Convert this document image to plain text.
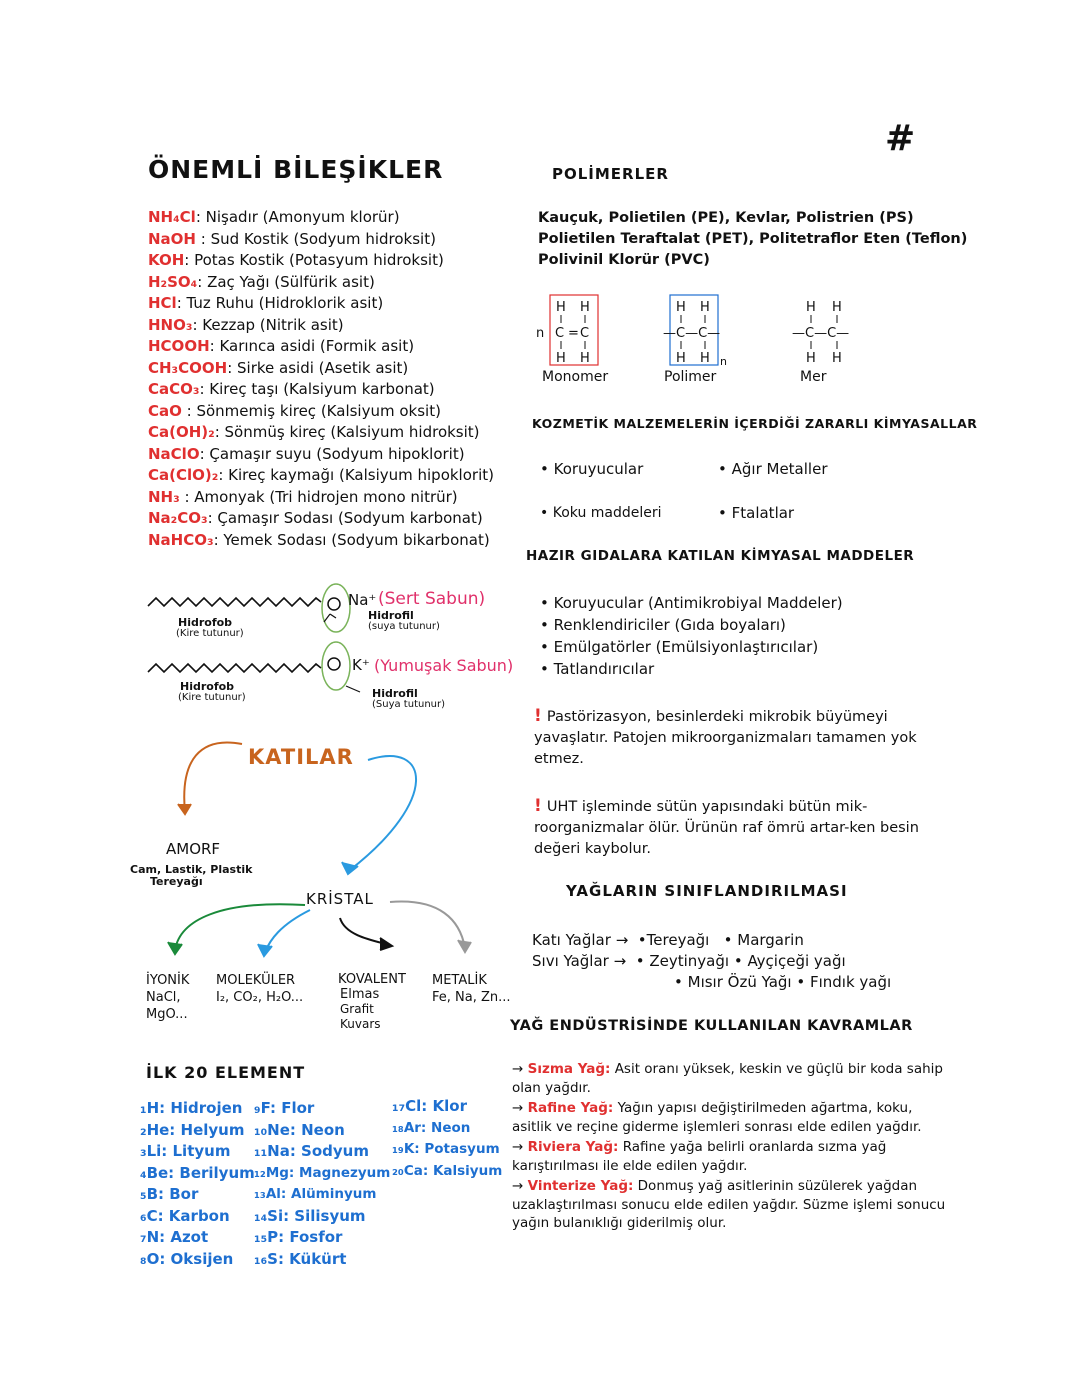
#
ÖNEMLİ BİLEŞİKLER
NH₄Cl: Nişadır (Amonyum klorür)
NaOH : Sud Kostik (Sodyum hidroksit)
KOH: Potas Kostik (Potasyum hidroksit)
H₂SO₄: Zaç Yağı (Sülfürik asit)
HCl: Tuz Ruhu (Hidroklorik asit)
HNO₃: Kezzap (Nitrik asit)
HCOOH: Karınca asidi (Formik asit)
CH₃COOH: Sirke asidi (Asetik asit)
CaCO₃: Kireç taşı (Kalsiyum karbonat)
CaO : Sönmemiş kireç (Kalsiyum oksit)
Ca(OH)₂: Sönmüş kireç (Kalsiyum hidroksit)
NaClO: Çamaşır suyu (Sodyum hipoklorit)
Ca(ClO)₂: Kireç kaymağı (Kalsiyum hipoklorit)
NH₃ : Amonyak (Tri hidrojen mono nitrür)
Na₂CO₃: Çamaşır Sodası (Sodyum karbonat)
NaHCO₃: Yemek Sodası (Sodyum bikarbonat)
Hidrofob
(Kire tutunur)
Na⁺ (Sert Sabun)
Hidrofil
(suya tutunur)
Hidrofob
(Kire tutunur)
K⁺ (Yumuşak Sabun)
Hidrofil
(Suya tutunur)
KATILAR
AMORF
Cam, Lastik, Plastik
Tereyağı
KRİSTAL
İYONİK
NaCl,
MgO...
MOLEKÜLER
I₂, CO₂, H₂O...
KOVALENT
Elmas
Grafit
Kuvars
METALİK
Fe, Na, Zn...
İLK 20 ELEMENT
₁H: Hidrojen
₂He: Helyum
₃Li: Lityum
₄Be: Berilyum
₅B: Bor
₆C: Karbon
₇N: Azot
₈O: Oksijen
₉F: Flor
₁₀Ne: Neon
₁₁Na: Sodyum
₁₂Mg: Magnezyum
₁₃Al: Alüminyum
₁₄Si: Silisyum
₁₅P: Fosfor
₁₆S: Kükürt
₁₇Cl: Klor
₁₈Ar: Neon
₁₉K: Potasyum
₂₀Ca: Kalsiyum
POLİMERLER
Kauçuk, Polietilen (PE), Kevlar, Polistrien (PS)
Polietilen Teraftalat (PET), Politetraflor Eten (Teflon)
Polivinil Klorür (PVC)
n
H H
C = C
H H
H H
—C—C—
H H n
H H
—C—C—
H H
Monomer	Polimer	Mer
KOZMETİK MALZEMELERİN İÇERDİĞİ ZARARLI KİMYASALLAR
• Koruyucular	• Ağır Metaller
• Koku maddeleri	• Ftalatlar
HAZIR GIDALARA KATILAN KİMYASAL MADDELER
• Koruyucular (Antimikrobiyal Maddeler)
• Renklendiriciler (Gıda boyaları)
• Emülgatörler (Emülsiyonlaştırıcılar)
• Tatlandırıcılar
! Pastörizasyon, besinlerdeki mikrobik büyümeyi yavaşlatır. Patojen mikroorganizmaları tamamen yok etmez.
! UHT işleminde sütün yapısındaki bütün mik-roorganizmalar ölür. Ürünün raf ömrü artar-ken besin değeri kaybolur.
YAĞLARIN SINIFLANDIRILMASI
Katı Yağlar →  •Tereyağı   • Margarin
Sıvı Yağlar →  • Zeytinyağı • Ayçiçeği yağı
• Mısır Özü Yağı • Fındık yağı
YAĞ ENDÜSTRİSİNDE KULLANILAN KAVRAMLAR
→ Sızma Yağ: Asit oranı yüksek, keskin ve güçlü bir koda sahip olan yağdır.
→ Rafine Yağ: Yağın yapısı değiştirilmeden ağartma, koku, asitlik ve reçine giderme işlemleri sonrası elde edilen yağdır.
→ Riviera Yağ: Rafine yağa belirli oranlarda sızma yağ karıştırılması ile elde edilen yağdır.
→ Vinterize Yağ: Donmuş yağ asitlerinin süzülerek yağdan uzaklaştırılması sonucu elde edilen yağdır. Süzme işlemi sonucu yağın bulanıklığı giderilmiş olur.
